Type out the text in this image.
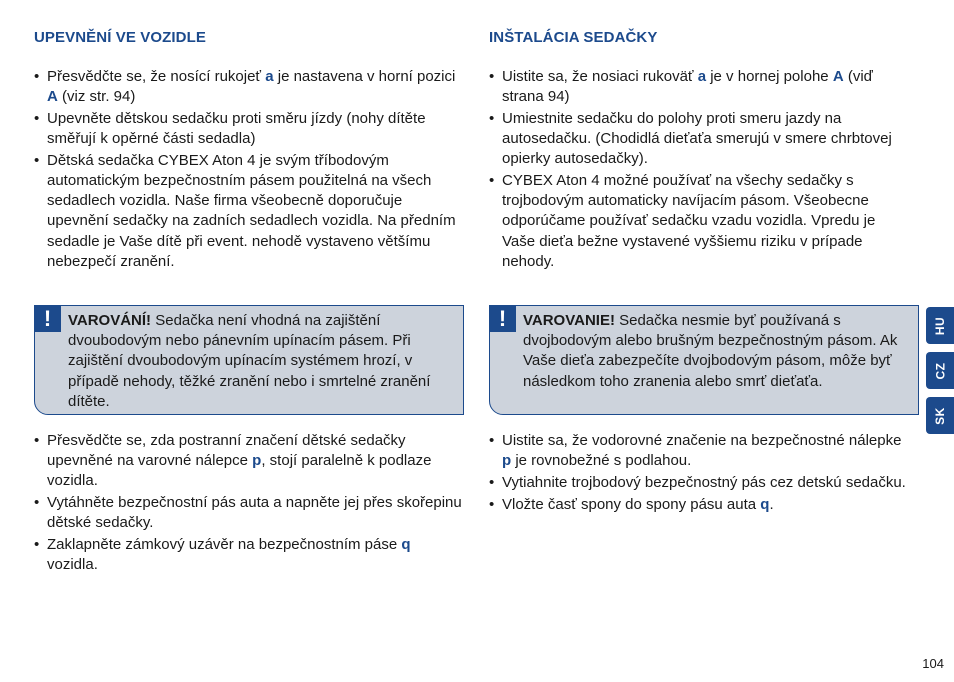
UPEVNĚNÍ VE VOZIDLE
• Přesvědčte se, že nosící rukojeť a je nastavena v horní pozici A (viz str. 94)
• Upevněte dětskou sedačku proti směru jízdy (nohy dítěte směřují k opěrné části sedadla)
• Dětská sedačka CYBEX Aton 4 je svým tříbodovým automatickým bezpečnostním pásem použitelná na všech sedadlech vozidla. Naše firma všeobecně doporučuje upevnění sedačky na zadních sedadlech vozidla. Na předním sedadle je Vaše dítě při event. nehodě vystaveno většímu nebezpečí zranění.
!	VAROVÁNÍ! Sedačka není vhodná na zajištění dvoubodovým nebo pánevním upínacím pásem. Při zajištění dvoubodovým upínacím systémem hrozí, v případě nehody, těžké zranění nebo i smrtelné zranění dítěte.
• Přesvědčte se, zda postranní značení dětské sedačky upevněné na varovné nálepce p, stojí paralelně k podlaze vozidla.
• Vytáhněte bezpečnostní pás auta a napněte jej přes skořepinu dětské sedačky.
• Zaklapněte zámkový uzávěr na bezpečnostním páse q vozidla.
INŠTALÁCIA SEDAČKY
• Uistite sa, že nosiaci rukoväť a je v hornej polohe A (viď strana 94)
• Umiestnite sedačku do polohy proti smeru jazdy na autosedačku. (Chodidlá dieťaťa smerujú v smere chrbtovej opierky autosedačky).
• CYBEX Aton 4 možné používať na všechy sedačky s trojbodovým automaticky navíjacím pásom. Všeobecne odporúčame používať sedačku vzadu vozidla. Vpredu je Vaše dieťa bežne vystavené vyššiemu riziku v prípade nehody.
!	VAROVANIE! Sedačka nesmie byť používaná s dvojbodovým alebo brušným bezpečnostným pásom. Ak Vaše dieťa zabezpečíte dvojbodovým pásom, môže byť následkom toho zranenia alebo smrť dieťaťa.
• Uistite sa, že vodorovné značenie na bezpečnostné nálepke p je rovnobežné s podlahou.
• Vytiahnite trojbodový bezpečnostný pás cez detskú sedačku.
• Vložte časť spony do spony pásu auta q.
HU
CZ
SK
104
